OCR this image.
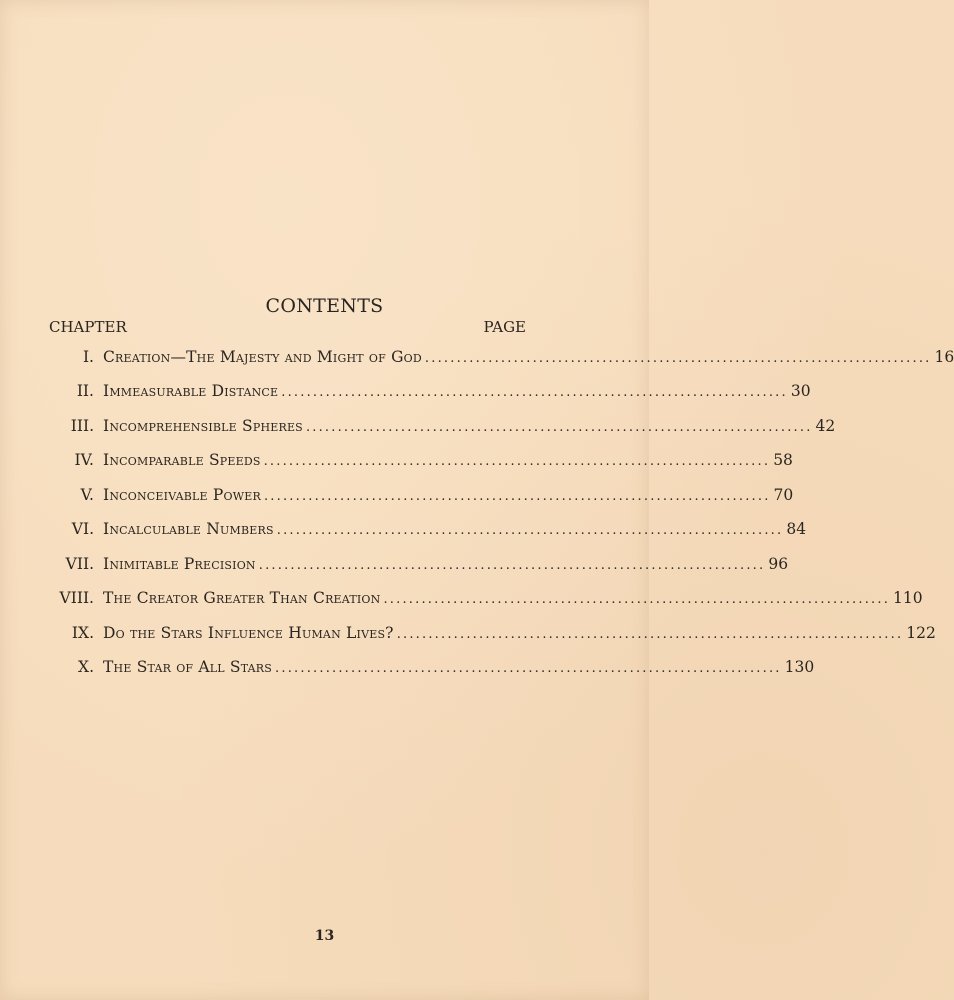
CONTENTS
CHAPTER	PAGE
I. Creation—The Majesty and Might of God ................................................................................ 16
II. Immeasurable Distance ................................................................................ 30
III. Incomprehensible Spheres ................................................................................ 42
IV. Incomparable Speeds ................................................................................ 58
V. Inconceivable Power ................................................................................ 70
VI. Incalculable Numbers ................................................................................ 84
VII. Inimitable Precision ................................................................................ 96
VIII. The Creator Greater Than Creation ................................................................................ 110
IX. Do the Stars Influence Human Lives? ................................................................................ 122
X. The Star of All Stars ................................................................................ 130
13
